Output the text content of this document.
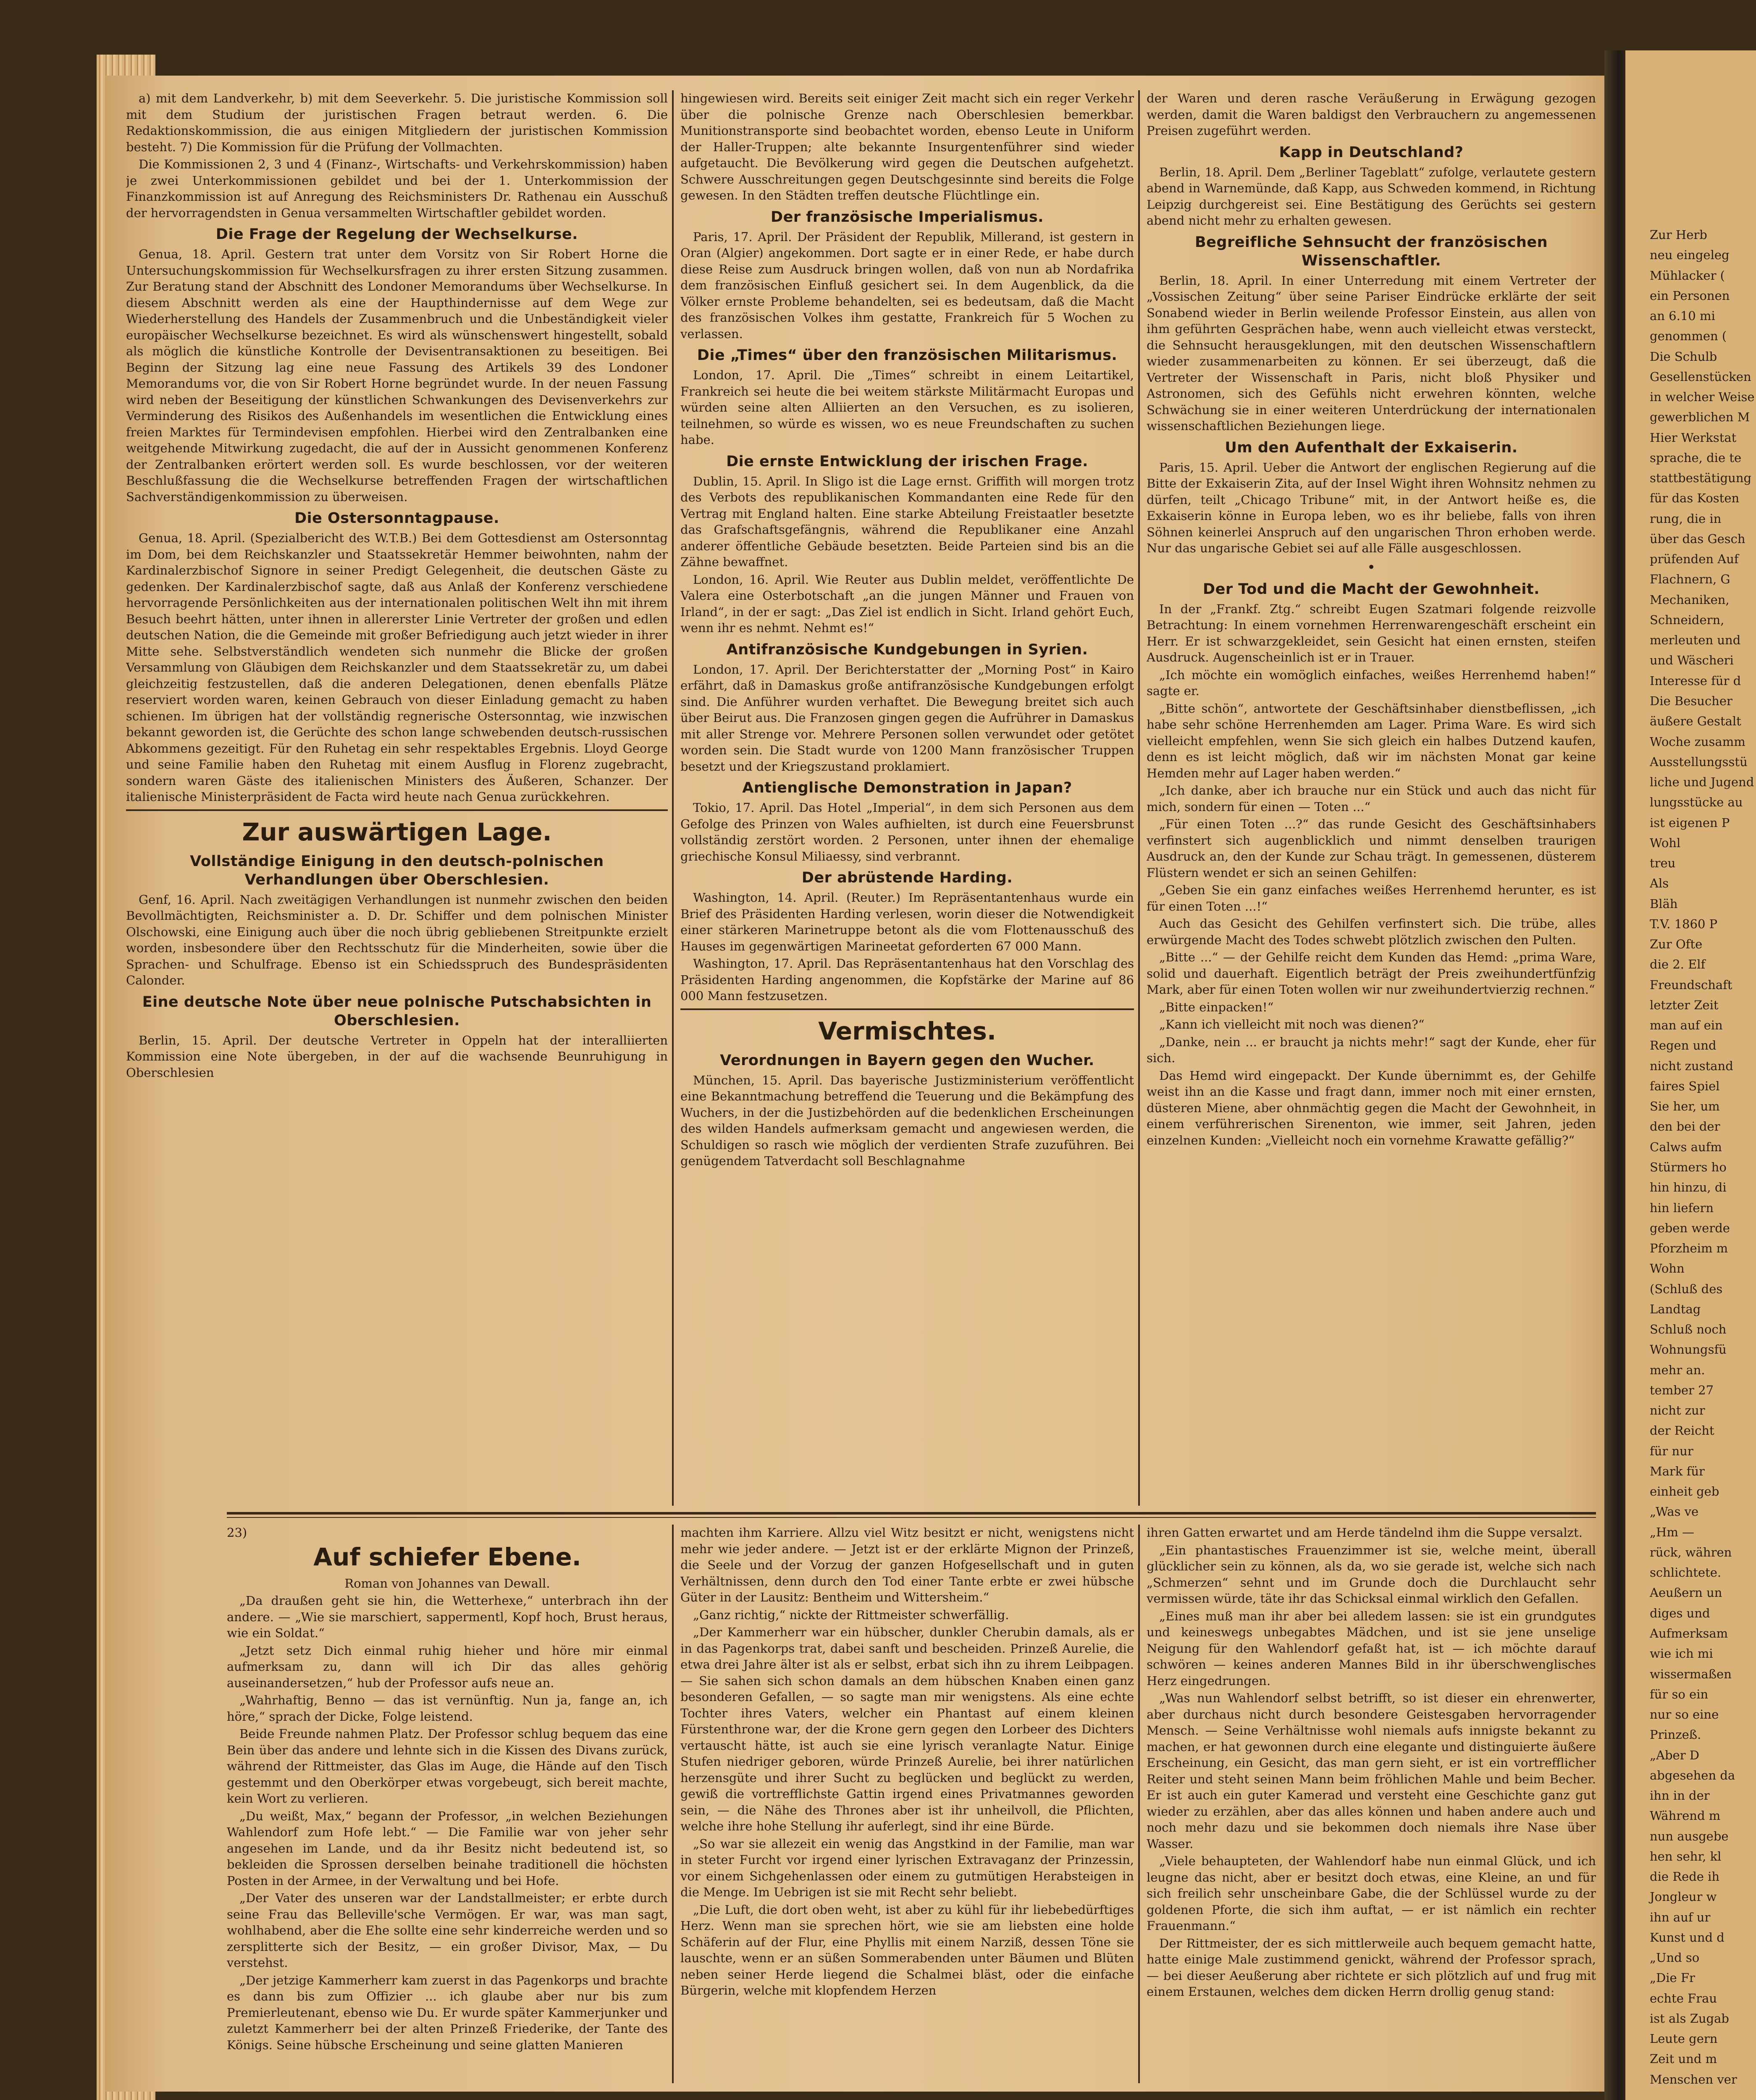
Zur Herb
neu eingeleg
Mühlacker (
ein Personen
an 6.10 mi
genommen (
Die Schulb
Gesellenstücken
in welcher Weise
gewerblichen M
Hier Werkstat
sprache, die te
stattbestätigung
für das Kosten
rung, die in
über das Gesch
prüfenden Auf
Flachnern, G
Mechaniken,
Schneidern,
merleuten und
und Wäscheri
Interesse für d
Die Besucher
äußere Gestalt
Woche zusamm
Ausstellungsstü
liche und Jugend
lungsstücke au
ist eigenen P
Wohl
treu
Als
Bläh
T.V. 1860 P
Zur Ofte
die 2. Elf
Freundschaft
letzter Zeit
man auf ein
Regen und
nicht zustand
faires Spiel
Sie her, um
den bei der
Calws aufm
Stürmers ho
hin hinzu, di
hin liefern
geben werde
Pforzheim m
Wohn
(Schluß des
Landtag
Schluß noch
Wohnungsfü
mehr an.
tember 27
nicht zur
der Reicht
für nur
Mark für
einheit geb
„Was ve
„Hm —
rück, währen
schlichtete.
Aeußern un
diges und
Aufmerksam
wie ich mi
wissermaßen
für so ein
nur so eine
Prinzeß.
„Aber D
abgesehen da
ihn in der
Während m
nun ausgebe
hen sehr, kl
die Rede ih
Jongleur w
ihn auf ur
Kunst und d
„Und so
„Die Fr
echte Frau
ist als Zugab
Leute gern
Zeit und m
Menschen ver

a) mit dem Landverkehr, b) mit dem Seeverkehr. 5. Die juristische Kommission soll mit dem Studium der juristischen Fragen betraut werden. 6. Die Redaktionskommission, die aus einigen Mitgliedern der juristischen Kommission besteht. 7) Die Kommission für die Prüfung der Vollmachten.

Die Kommissionen 2, 3 und 4 (Finanz-, Wirtschafts- und Verkehrskommission) haben je zwei Unterkommissionen gebildet und bei der 1. Unterkommission der Finanzkommission ist auf Anregung des Reichsministers Dr. Rathenau ein Ausschuß der hervorragendsten in Genua versammelten Wirtschaftler gebildet worden.

Die Frage der Regelung der Wechselkurse.

Genua, 18. April. Gestern trat unter dem Vorsitz von Sir Robert Horne die Untersuchungskommission für Wechselkursfragen zu ihrer ersten Sitzung zusammen. Zur Beratung stand der Abschnitt des Londoner Memorandums über Wechselkurse. In diesem Abschnitt werden als eine der Haupthindernisse auf dem Wege zur Wiederherstellung des Handels der Zusammenbruch und die Unbeständigkeit vieler europäischer Wechselkurse bezeichnet. Es wird als wünschenswert hingestellt, sobald als möglich die künstliche Kontrolle der Devisentransaktionen zu beseitigen. Bei Beginn der Sitzung lag eine neue Fassung des Artikels 39 des Londoner Memorandums vor, die von Sir Robert Horne begründet wurde. In der neuen Fassung wird neben der Beseitigung der künstlichen Schwankungen des Devisenverkehrs zur Verminderung des Risikos des Außenhandels im wesentlichen die Entwicklung eines freien Marktes für Termindevisen empfohlen. Hierbei wird den Zentralbanken eine weitgehende Mitwirkung zugedacht, die auf der in Aussicht genommenen Konferenz der Zentralbanken erörtert werden soll. Es wurde beschlossen, vor der weiteren Beschlußfassung die die Wechselkurse betreffenden Fragen der wirtschaftlichen Sachverständigenkommission zu überweisen.

Die Ostersonntagpause.

Genua, 18. April. (Spezialbericht des W.T.B.) Bei dem Gottesdienst am Ostersonntag im Dom, bei dem Reichskanzler und Staatssekretär Hemmer beiwohnten, nahm der Kardinalerzbischof Signore in seiner Predigt Gelegenheit, die deutschen Gäste zu gedenken. Der Kardinalerzbischof sagte, daß aus Anlaß der Konferenz verschiedene hervorragende Persönlichkeiten aus der internationalen politischen Welt ihn mit ihrem Besuch beehrt hätten, unter ihnen in allererster Linie Vertreter der großen und edlen deutschen Nation, die die Gemeinde mit großer Befriedigung auch jetzt wieder in ihrer Mitte sehe. Selbstverständlich wendeten sich nunmehr die Blicke der großen Versammlung von Gläubigen dem Reichskanzler und dem Staatssekretär zu, um dabei gleichzeitig festzustellen, daß die anderen Delegationen, denen ebenfalls Plätze reserviert worden waren, keinen Gebrauch von dieser Einladung gemacht zu haben schienen. Im übrigen hat der vollständig regnerische Ostersonntag, wie inzwischen bekannt geworden ist, die Gerüchte des schon lange schwebenden deutsch-russischen Abkommens gezeitigt. Für den Ruhetag ein sehr respektables Ergebnis. Lloyd George und seine Familie haben den Ruhetag mit einem Ausflug in Florenz zugebracht, sondern waren Gäste des italienischen Ministers des Äußeren, Schanzer. Der italienische Ministerpräsident de Facta wird heute nach Genua zurückkehren.

Zur auswärtigen Lage.
Vollständige Einigung in den deutsch-polnischen Verhandlungen über Oberschlesien.

Genf, 16. April. Nach zweitägigen Verhandlungen ist nunmehr zwischen den beiden Bevollmächtigten, Reichsminister a. D. Dr. Schiffer und dem polnischen Minister Olschowski, eine Einigung auch über die noch übrig gebliebenen Streitpunkte erzielt worden, insbesondere über den Rechtsschutz für die Minderheiten, sowie über die Sprachen- und Schulfrage. Ebenso ist ein Schiedsspruch des Bundespräsidenten Calonder.

Eine deutsche Note über neue polnische Putschabsichten in Oberschlesien.

Berlin, 15. April. Der deutsche Vertreter in Oppeln hat der interalliierten Kommission eine Note übergeben, in der auf die wachsende Beunruhigung in Oberschlesien

hingewiesen wird. Bereits seit einiger Zeit macht sich ein reger Verkehr über die polnische Grenze nach Oberschlesien bemerkbar. Munitionstransporte sind beobachtet worden, ebenso Leute in Uniform der Haller-Truppen; alte bekannte Insurgentenführer sind wieder aufgetaucht. Die Bevölkerung wird gegen die Deutschen aufgehetzt. Schwere Ausschreitungen gegen Deutschgesinnte sind bereits die Folge gewesen. In den Städten treffen deutsche Flüchtlinge ein.

Der französische Imperialismus.

Paris, 17. April. Der Präsident der Republik, Millerand, ist gestern in Oran (Algier) angekommen. Dort sagte er in einer Rede, er habe durch diese Reise zum Ausdruck bringen wollen, daß von nun ab Nordafrika dem französischen Einfluß gesichert sei. In dem Augenblick, da die Völker ernste Probleme behandelten, sei es bedeutsam, daß die Macht des französischen Volkes ihm gestatte, Frankreich für 5 Wochen zu verlassen.

Die „Times“ über den französischen Militarismus.

London, 17. April. Die „Times“ schreibt in einem Leitartikel, Frankreich sei heute die bei weitem stärkste Militärmacht Europas und würden seine alten Alliierten an den Versuchen, es zu isolieren, teilnehmen, so würde es wissen, wo es neue Freundschaften zu suchen habe.

Die ernste Entwicklung der irischen Frage.

Dublin, 15. April. In Sligo ist die Lage ernst. Griffith will morgen trotz des Verbots des republikanischen Kommandanten eine Rede für den Vertrag mit England halten. Eine starke Abteilung Freistaatler besetzte das Grafschaftsgefängnis, während die Republikaner eine Anzahl anderer öffentliche Gebäude besetzten. Beide Parteien sind bis an die Zähne bewaffnet.

London, 16. April. Wie Reuter aus Dublin meldet, veröffentlichte De Valera eine Osterbotschaft „an die jungen Männer und Frauen von Irland“, in der er sagt: „Das Ziel ist endlich in Sicht. Irland gehört Euch, wenn ihr es nehmt. Nehmt es!“

Antifranzösische Kundgebungen in Syrien.

London, 17. April. Der Berichterstatter der „Morning Post“ in Kairo erfährt, daß in Damaskus große antifranzösische Kundgebungen erfolgt sind. Die Anführer wurden verhaftet. Die Bewegung breitet sich auch über Beirut aus. Die Franzosen gingen gegen die Aufrührer in Damaskus mit aller Strenge vor. Mehrere Personen sollen verwundet oder getötet worden sein. Die Stadt wurde von 1200 Mann französischer Truppen besetzt und der Kriegszustand proklamiert.

Antienglische Demonstration in Japan?

Tokio, 17. April. Das Hotel „Imperial“, in dem sich Personen aus dem Gefolge des Prinzen von Wales aufhielten, ist durch eine Feuersbrunst vollständig zerstört worden. 2 Personen, unter ihnen der ehemalige griechische Konsul Miliaessy, sind verbrannt.

Der abrüstende Harding.

Washington, 14. April. (Reuter.) Im Repräsentantenhaus wurde ein Brief des Präsidenten Harding verlesen, worin dieser die Notwendigkeit einer stärkeren Marinetruppe betont als die vom Flottenausschuß des Hauses im gegenwärtigen Marineetat geforderten 67 000 Mann.

Washington, 17. April. Das Repräsentantenhaus hat den Vorschlag des Präsidenten Harding angenommen, die Kopfstärke der Marine auf 86 000 Mann festzusetzen.

Vermischtes.
Verordnungen in Bayern gegen den Wucher.

München, 15. April. Das bayerische Justizministerium veröffentlicht eine Bekanntmachung betreffend die Teuerung und die Bekämpfung des Wuchers, in der die Justizbehörden auf die bedenklichen Erscheinungen des wilden Handels aufmerksam gemacht und angewiesen werden, die Schuldigen so rasch wie möglich der verdienten Strafe zuzuführen. Bei genügendem Tatverdacht soll Beschlagnahme

der Waren und deren rasche Veräußerung in Erwägung gezogen werden, damit die Waren baldigst den Verbrauchern zu angemessenen Preisen zugeführt werden.

Kapp in Deutschland?

Berlin, 18. April. Dem „Berliner Tageblatt“ zufolge, verlautete gestern abend in Warnemünde, daß Kapp, aus Schweden kommend, in Richtung Leipzig durchgereist sei. Eine Bestätigung des Gerüchts sei gestern abend nicht mehr zu erhalten gewesen.

Begreifliche Sehnsucht der französischen Wissenschaftler.

Berlin, 18. April. In einer Unterredung mit einem Vertreter der „Vossischen Zeitung“ über seine Pariser Eindrücke erklärte der seit Sonabend wieder in Berlin weilende Professor Einstein, aus allen von ihm geführten Gesprächen habe, wenn auch vielleicht etwas versteckt, die Sehnsucht herausgeklungen, mit den deutschen Wissenschaftlern wieder zusammenarbeiten zu können. Er sei überzeugt, daß die Vertreter der Wissenschaft in Paris, nicht bloß Physiker und Astronomen, sich des Gefühls nicht erwehren könnten, welche Schwächung sie in einer weiteren Unterdrückung der internationalen wissenschaftlichen Beziehungen liege.

Um den Aufenthalt der Exkaiserin.

Paris, 15. April. Ueber die Antwort der englischen Regierung auf die Bitte der Exkaiserin Zita, auf der Insel Wight ihren Wohnsitz nehmen zu dürfen, teilt „Chicago Tribune“ mit, in der Antwort heiße es, die Exkaiserin könne in Europa leben, wo es ihr beliebe, falls von ihren Söhnen keinerlei Anspruch auf den ungarischen Thron erhoben werde. Nur das ungarische Gebiet sei auf alle Fälle ausgeschlossen.

•
Der Tod und die Macht der Gewohnheit.

In der „Frankf. Ztg.“ schreibt Eugen Szatmari folgende reizvolle Betrachtung: In einem vornehmen Herrenwarengeschäft erscheint ein Herr. Er ist schwarzgekleidet, sein Gesicht hat einen ernsten, steifen Ausdruck. Augenscheinlich ist er in Trauer.

„Ich möchte ein womöglich einfaches, weißes Herrenhemd haben!“ sagte er.

„Bitte schön“, antwortete der Geschäftsinhaber dienstbeflissen, „ich habe sehr schöne Herrenhemden am Lager. Prima Ware. Es wird sich vielleicht empfehlen, wenn Sie sich gleich ein halbes Dutzend kaufen, denn es ist leicht möglich, daß wir im nächsten Monat gar keine Hemden mehr auf Lager haben werden.“

„Ich danke, aber ich brauche nur ein Stück und auch das nicht für mich, sondern für einen — Toten ...“

„Für einen Toten ...?“ das runde Gesicht des Geschäftsinhabers verfinstert sich augenblicklich und nimmt denselben traurigen Ausdruck an, den der Kunde zur Schau trägt. In gemessenen, düsterem Flüstern wendet er sich an seinen Gehilfen:

„Geben Sie ein ganz einfaches weißes Herrenhemd herunter, es ist für einen Toten ...!“

Auch das Gesicht des Gehilfen verfinstert sich. Die trübe, alles erwürgende Macht des Todes schwebt plötzlich zwischen den Pulten.

„Bitte ...“ — der Gehilfe reicht dem Kunden das Hemd: „prima Ware, solid und dauerhaft. Eigentlich beträgt der Preis zweihundertfünfzig Mark, aber für einen Toten wollen wir nur zweihundertvierzig rechnen.“

„Bitte einpacken!“

„Kann ich vielleicht mit noch was dienen?“

„Danke, nein ... er braucht ja nichts mehr!“ sagt der Kunde, eher für sich.

Das Hemd wird eingepackt. Der Kunde übernimmt es, der Gehilfe weist ihn an die Kasse und fragt dann, immer noch mit einer ernsten, düsteren Miene, aber ohnmächtig gegen die Macht der Gewohnheit, in einem verführerischen Sirenenton, wie immer, seit Jahren, jeden einzelnen Kunden: „Vielleicht noch ein vornehme Krawatte gefällig?“

23)
Auf schiefer Ebene.

Roman von Johannes van Dewall.

„Da draußen geht sie hin, die Wetterhexe,“ unterbrach ihn der andere. — „Wie sie marschiert, sappermentl, Kopf hoch, Brust heraus, wie ein Soldat.“

„Jetzt setz Dich einmal ruhig hieher und höre mir einmal aufmerksam zu, dann will ich Dir das alles gehörig auseinandersetzen,“ hub der Professor aufs neue an.

„Wahrhaftig, Benno — das ist vernünftig. Nun ja, fange an, ich höre,“ sprach der Dicke, Folge leistend.

Beide Freunde nahmen Platz. Der Professor schlug bequem das eine Bein über das andere und lehnte sich in die Kissen des Divans zurück, während der Rittmeister, das Glas im Auge, die Hände auf den Tisch gestemmt und den Oberkörper etwas vorgebeugt, sich bereit machte, kein Wort zu verlieren.

„Du weißt, Max,“ begann der Professor, „in welchen Beziehungen Wahlendorf zum Hofe lebt.“ — Die Familie war von jeher sehr angesehen im Lande, und da ihr Besitz nicht bedeutend ist, so bekleiden die Sprossen derselben beinahe traditionell die höchsten Posten in der Armee, in der Verwaltung und bei Hofe.

„Der Vater des unseren war der Landstallmeister; er erbte durch seine Frau das Belleville'sche Vermögen. Er war, was man sagt, wohlhabend, aber die Ehe sollte eine sehr kinderreiche werden und so zersplitterte sich der Besitz, — ein großer Divisor, Max, — Du verstehst.

„Der jetzige Kammerherr kam zuerst in das Pagenkorps und brachte es dann bis zum Offizier ... ich glaube aber nur bis zum Premierleutenant, ebenso wie Du. Er wurde später Kammerjunker und zuletzt Kammerherr bei der alten Prinzeß Friederike, der Tante des Königs. Seine hübsche Erscheinung und seine glatten Manieren

machten ihm Karriere. Allzu viel Witz besitzt er nicht, wenigstens nicht mehr wie jeder andere. — Jetzt ist er der erklärte Mignon der Prinzeß, die Seele und der Vorzug der ganzen Hofgesellschaft und in guten Verhältnissen, denn durch den Tod einer Tante erbte er zwei hübsche Güter in der Lausitz: Bentheim und Wittersheim.“

„Ganz richtig,“ nickte der Rittmeister schwerfällig.

„Der Kammerherr war ein hübscher, dunkler Cherubin damals, als er in das Pagenkorps trat, dabei sanft und bescheiden. Prinzeß Aurelie, die etwa drei Jahre älter ist als er selbst, erbat sich ihn zu ihrem Leibpagen. — Sie sahen sich schon damals an dem hübschen Knaben einen ganz besonderen Gefallen, — so sagte man mir wenigstens. Als eine echte Tochter ihres Vaters, welcher ein Phantast auf einem kleinen Fürstenthrone war, der die Krone gern gegen den Lorbeer des Dichters vertauscht hätte, ist auch sie eine lyrisch veranlagte Natur. Einige Stufen niedriger geboren, würde Prinzeß Aurelie, bei ihrer natürlichen herzensgüte und ihrer Sucht zu beglücken und beglückt zu werden, gewiß die vortrefflichste Gattin irgend eines Privatmannes geworden sein, — die Nähe des Thrones aber ist ihr unheilvoll, die Pflichten, welche ihre hohe Stellung ihr auferlegt, sind ihr eine Bürde.

„So war sie allezeit ein wenig das Angstkind in der Familie, man war in steter Furcht vor irgend einer lyrischen Extravaganz der Prinzessin, vor einem Sichgehenlassen oder einem zu gutmütigen Herabsteigen in die Menge. Im Uebrigen ist sie mit Recht sehr beliebt.

„Die Luft, die dort oben weht, ist aber zu kühl für ihr liebebedürftiges Herz. Wenn man sie sprechen hört, wie sie am liebsten eine holde Schäferin auf der Flur, eine Phyllis mit einem Narziß, dessen Töne sie lauschte, wenn er an süßen Sommerabenden unter Bäumen und Blüten neben seiner Herde liegend die Schalmei bläst, oder die einfache Bürgerin, welche mit klopfendem Herzen

ihren Gatten erwartet und am Herde tändelnd ihm die Suppe versalzt.

„Ein phantastisches Frauenzimmer ist sie, welche meint, überall glücklicher sein zu können, als da, wo sie gerade ist, welche sich nach „Schmerzen“ sehnt und im Grunde doch die Durchlaucht sehr vermissen würde, täte ihr das Schicksal einmal wirklich den Gefallen.

„Eines muß man ihr aber bei alledem lassen: sie ist ein grundgutes und keineswegs unbegabtes Mädchen, und ist sie jene unselige Neigung für den Wahlendorf gefaßt hat, ist — ich möchte darauf schwören — keines anderen Mannes Bild in ihr überschwenglisches Herz eingedrungen.

„Was nun Wahlendorf selbst betrifft, so ist dieser ein ehrenwerter, aber durchaus nicht durch besondere Geistesgaben hervorragender Mensch. — Seine Verhältnisse wohl niemals aufs innigste bekannt zu machen, er hat gewonnen durch eine elegante und distinguierte äußere Erscheinung, ein Gesicht, das man gern sieht, er ist ein vortrefflicher Reiter und steht seinen Mann beim fröhlichen Mahle und beim Becher. Er ist auch ein guter Kamerad und versteht eine Geschichte ganz gut wieder zu erzählen, aber das alles können und haben andere auch und noch mehr dazu und sie bekommen doch niemals ihre Nase über Wasser.

„Viele behaupteten, der Wahlendorf habe nun einmal Glück, und ich leugne das nicht, aber er besitzt doch etwas, eine Kleine, an und für sich freilich sehr unscheinbare Gabe, die der Schlüssel wurde zu der goldenen Pforte, die sich ihm auftat, — er ist nämlich ein rechter Frauenmann.“

Der Rittmeister, der es sich mittlerweile auch bequem gemacht hatte, hatte einige Male zustimmend genickt, während der Professor sprach, — bei dieser Aeußerung aber richtete er sich plötzlich auf und frug mit einem Erstaunen, welches dem dicken Herrn drollig genug stand:
